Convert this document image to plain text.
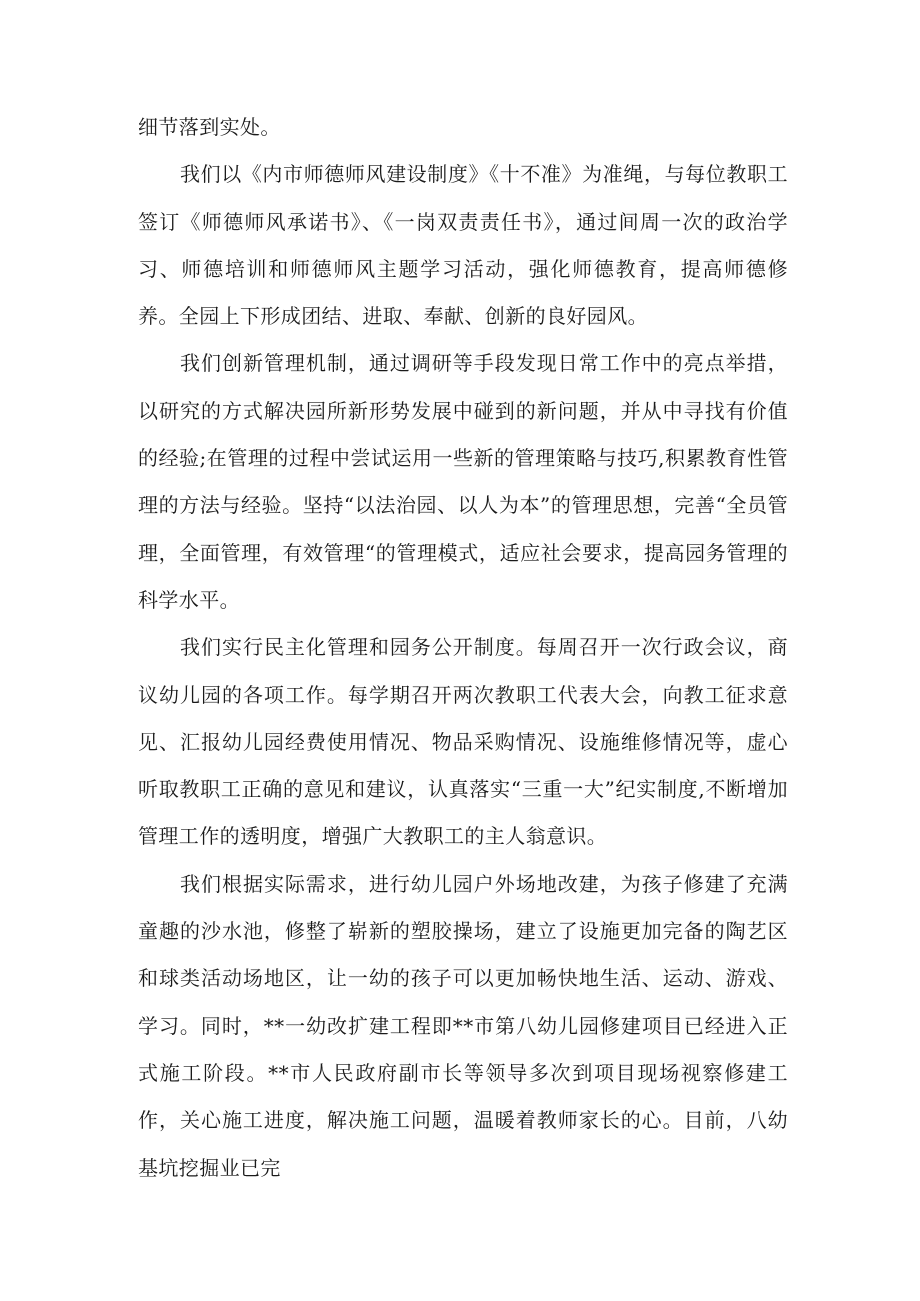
细节落到实处。

我们以《内市师德师风建设制度》《十不准》为准绳，与每位教职工签订《师德师风承诺书》、《一岗双责责任书》，通过间周一次的政治学习、师德培训和师德师风主题学习活动，强化师德教育，提高师德修养。全园上下形成团结、进取、奉献、创新的良好园风。

我们创新管理机制，通过调研等手段发现日常工作中的亮点举措，以研究的方式解决园所新形势发展中碰到的新问题，并从中寻找有价值的经验;在管理的过程中尝试运用一些新的管理策略与技巧,积累教育性管理的方法与经验。坚持“以法治园、以人为本”的管理思想，完善“全员管理，全面管理，有效管理“的管理模式，适应社会要求，提高园务管理的科学水平。

我们实行民主化管理和园务公开制度。每周召开一次行政会议，商议幼儿园的各项工作。每学期召开两次教职工代表大会，向教工征求意见、汇报幼儿园经费使用情况、物品采购情况、设施维修情况等，虚心听取教职工正确的意见和建议，认真落实“三重一大”纪实制度,不断增加管理工作的透明度，增强广大教职工的主人翁意识。

我们根据实际需求，进行幼儿园户外场地改建，为孩子修建了充满童趣的沙水池，修整了崭新的塑胶操场，建立了设施更加完备的陶艺区和球类活动场地区，让一幼的孩子可以更加畅快地生活、运动、游戏、学习。同时，**一幼改扩建工程即**市第八幼儿园修建项目已经进入正式施工阶段。**市人民政府副市长等领导多次到项目现场视察修建工作，关心施工进度，解决施工问题，温暖着教师家长的心。目前，八幼基坑挖掘业已完
